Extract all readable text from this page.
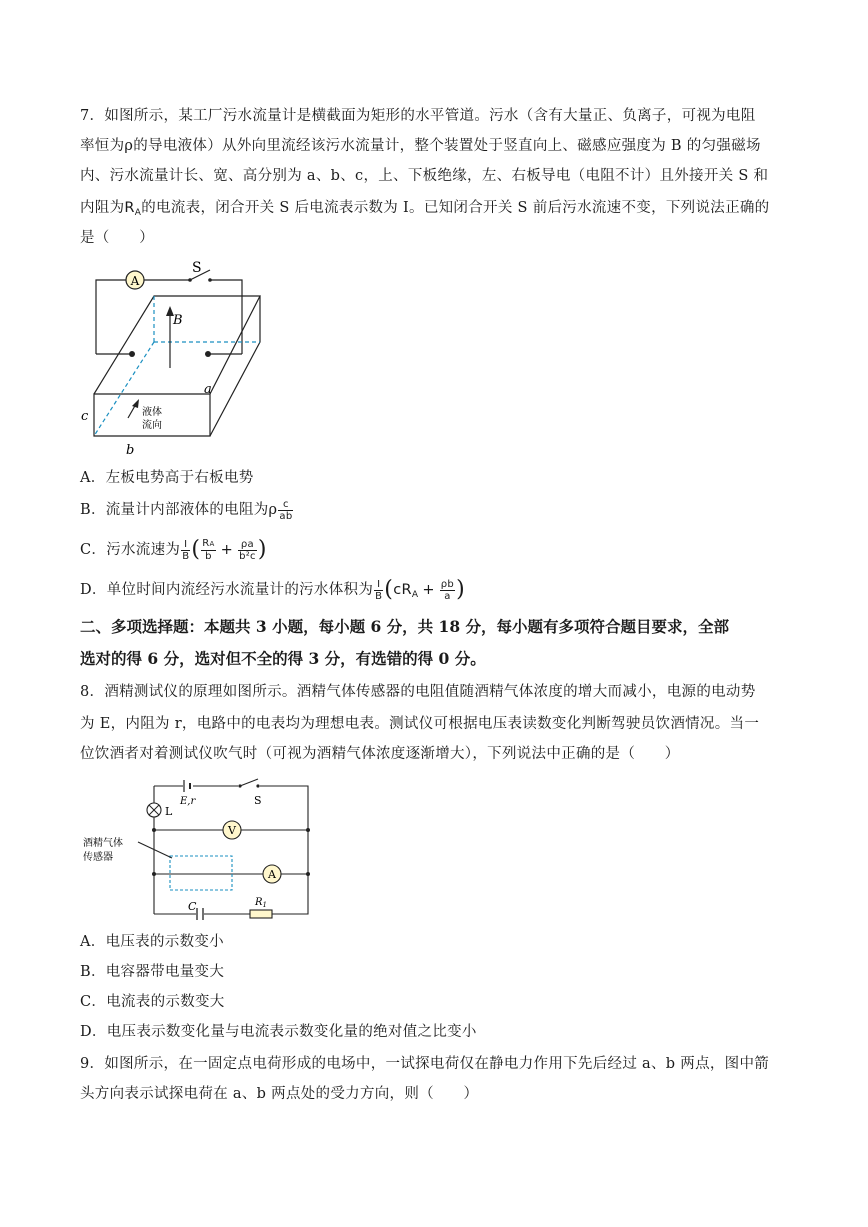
7．如图所示，某工厂污水流量计是横截面为矩形的水平管道。污水（含有大量正、负离子，可视为电阻
率恒为ρ的导电液体）从外向里流经该污水流量计，整个装置处于竖直向上、磁感应强度为 B 的匀强磁场
内、污水流量计长、宽、高分别为 a、b、c，上、下板绝缘，左、右板导电（电阻不计）且外接开关 S 和
内阻为$R_A$的电流表，闭合开关 S 后电流表示数为 I。已知闭合开关 S 前后污水流速不变，下列说法正确的
是（　　）
A
S
B
a
b
c	液体
流向
A．左板电势高于右板电势
B．流量计内部液体的电阻为ρ $\frac{c}{ab}$
C．污水流速为 $\frac{I}{B}$ ( $\frac{RA}{b} + \frac{\rho a}{\text{b²c}}$ )
D．单位时间内流经污水流量计的污水体积为 $\frac{I}{B} (cR_A + \frac{\rho b}{a}$ )
二、多项选择题：本题共 3 小题，每小题 6 分，共 18 分，每小题有多项符合题目要求，全部
选对的得 6 分，选对但不全的得 3 分，有选错的得 0 分。
8．酒精测试仪的原理如图所示。酒精气体传感器的电阻值随酒精气体浓度的增大而减小，电源的电动势
为 E，内阻为 r，电路中的电表均为理想电表。测试仪可根据电压表读数变化判断驾驶员饮酒情况。当一
位饮酒者对着测试仪吹气时（可视为酒精气体浓度逐渐增大），下列说法中正确的是（　　）
E,r	S
L
V
A
酒精气体
传感器
C	$R_1$
A．电压表的示数变小
B．电容器带电量变大
C．电流表的示数变大
D．电压表示数变化量与电流表示数变化量的绝对值之比变小
9．如图所示，在一固定点电荷形成的电场中，一试探电荷仅在静电力作用下先后经过 a、b 两点，图中箭
头方向表示试探电荷在 a、b 两点处的受力方向，则（　　）
